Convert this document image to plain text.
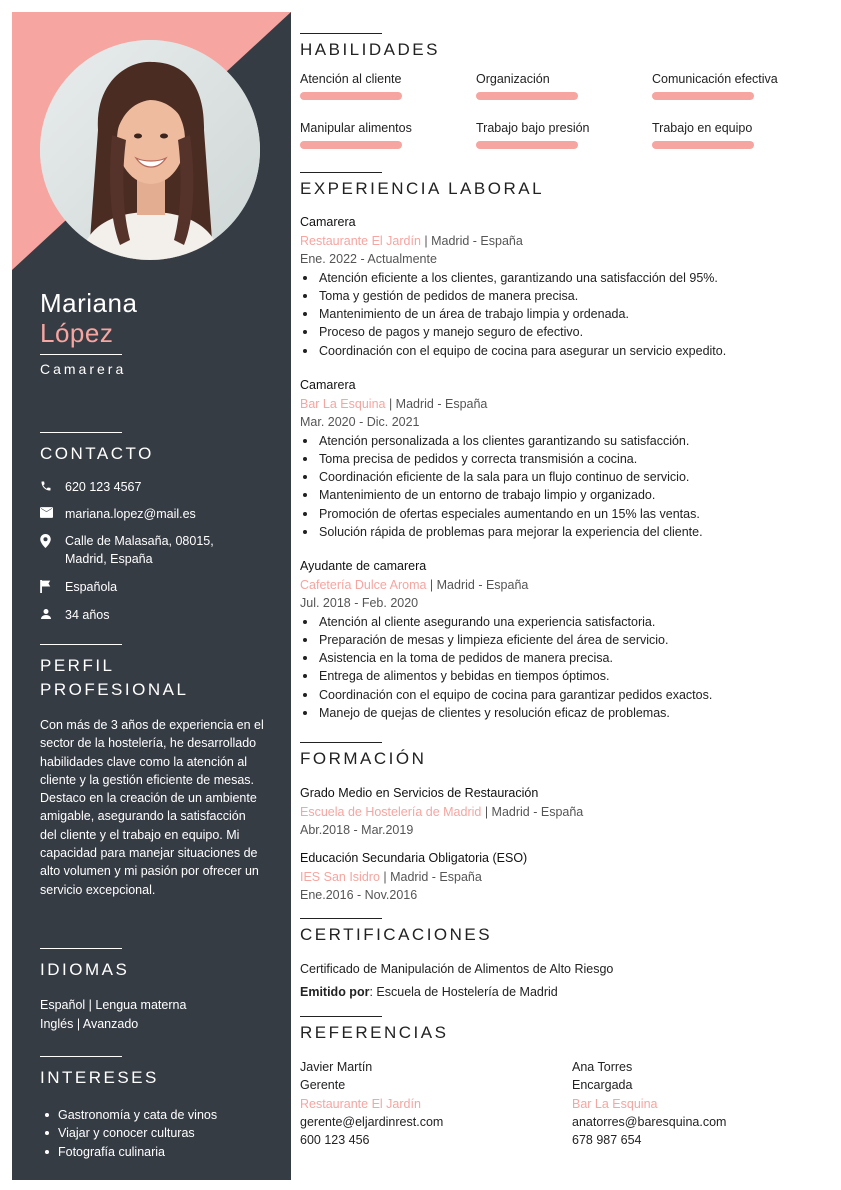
Mariana
López
Camarera
CONTACTO
620 123 4567
mariana.lopez@mail.es
Calle de Malasaña, 08015,
Madrid, España
Española
34 años
PERFIL
PROFESIONAL
Con más de 3 años de experiencia en el sector de la hostelería, he desarrollado habilidades clave como la atención al cliente y la gestión eficiente de mesas. Destaco en la creación de un ambiente amigable, asegurando la satisfacción del cliente y el trabajo en equipo. Mi capacidad para manejar situaciones de alto volumen y mi pasión por ofrecer un servicio excepcional.
IDIOMAS
Español | Lengua materna
Inglés | Avanzado
INTERESES
Gastronomía y cata de vinos
Viajar y conocer culturas
Fotografía culinaria
HABILIDADES
Atención al cliente	Organización	Comunicación efectiva
Manipular alimentos	Trabajo bajo presión	Trabajo en equipo
EXPERIENCIA LABORAL
Camarera
Restaurante El Jardín | Madrid - España
Ene. 2022 - Actualmente
Atención eficiente a los clientes, garantizando una satisfacción del 95%.
Toma y gestión de pedidos de manera precisa.
Mantenimiento de un área de trabajo limpia y ordenada.
Proceso de pagos y manejo seguro de efectivo.
Coordinación con el equipo de cocina para asegurar un servicio expedito.
Camarera
Bar La Esquina | Madrid - España
Mar. 2020 - Dic. 2021
Atención personalizada a los clientes garantizando su satisfacción.
Toma precisa de pedidos y correcta transmisión a cocina.
Coordinación eficiente de la sala para un flujo continuo de servicio.
Mantenimiento de un entorno de trabajo limpio y organizado.
Promoción de ofertas especiales aumentando en un 15% las ventas.
Solución rápida de problemas para mejorar la experiencia del cliente.
Ayudante de camarera
Cafetería Dulce Aroma | Madrid - España
Jul. 2018 - Feb. 2020
Atención al cliente asegurando una experiencia satisfactoria.
Preparación de mesas y limpieza eficiente del área de servicio.
Asistencia en la toma de pedidos de manera precisa.
Entrega de alimentos y bebidas en tiempos óptimos.
Coordinación con el equipo de cocina para garantizar pedidos exactos.
Manejo de quejas de clientes y resolución eficaz de problemas.
FORMACIÓN
Grado Medio en Servicios de Restauración
Escuela de Hostelería de Madrid | Madrid - España
Abr.2018 - Mar.2019
Educación Secundaria Obligatoria (ESO)
IES San Isidro | Madrid - España
Ene.2016 - Nov.2016
CERTIFICACIONES
Certificado de Manipulación de Alimentos de Alto Riesgo
Emitido por: Escuela de Hostelería de Madrid
REFERENCIAS
Javier Martín
Gerente
Restaurante El Jardín
gerente@eljardinrest.com
600 123 456
Ana Torres
Encargada
Bar La Esquina
anatorres@baresquina.com
678 987 654
